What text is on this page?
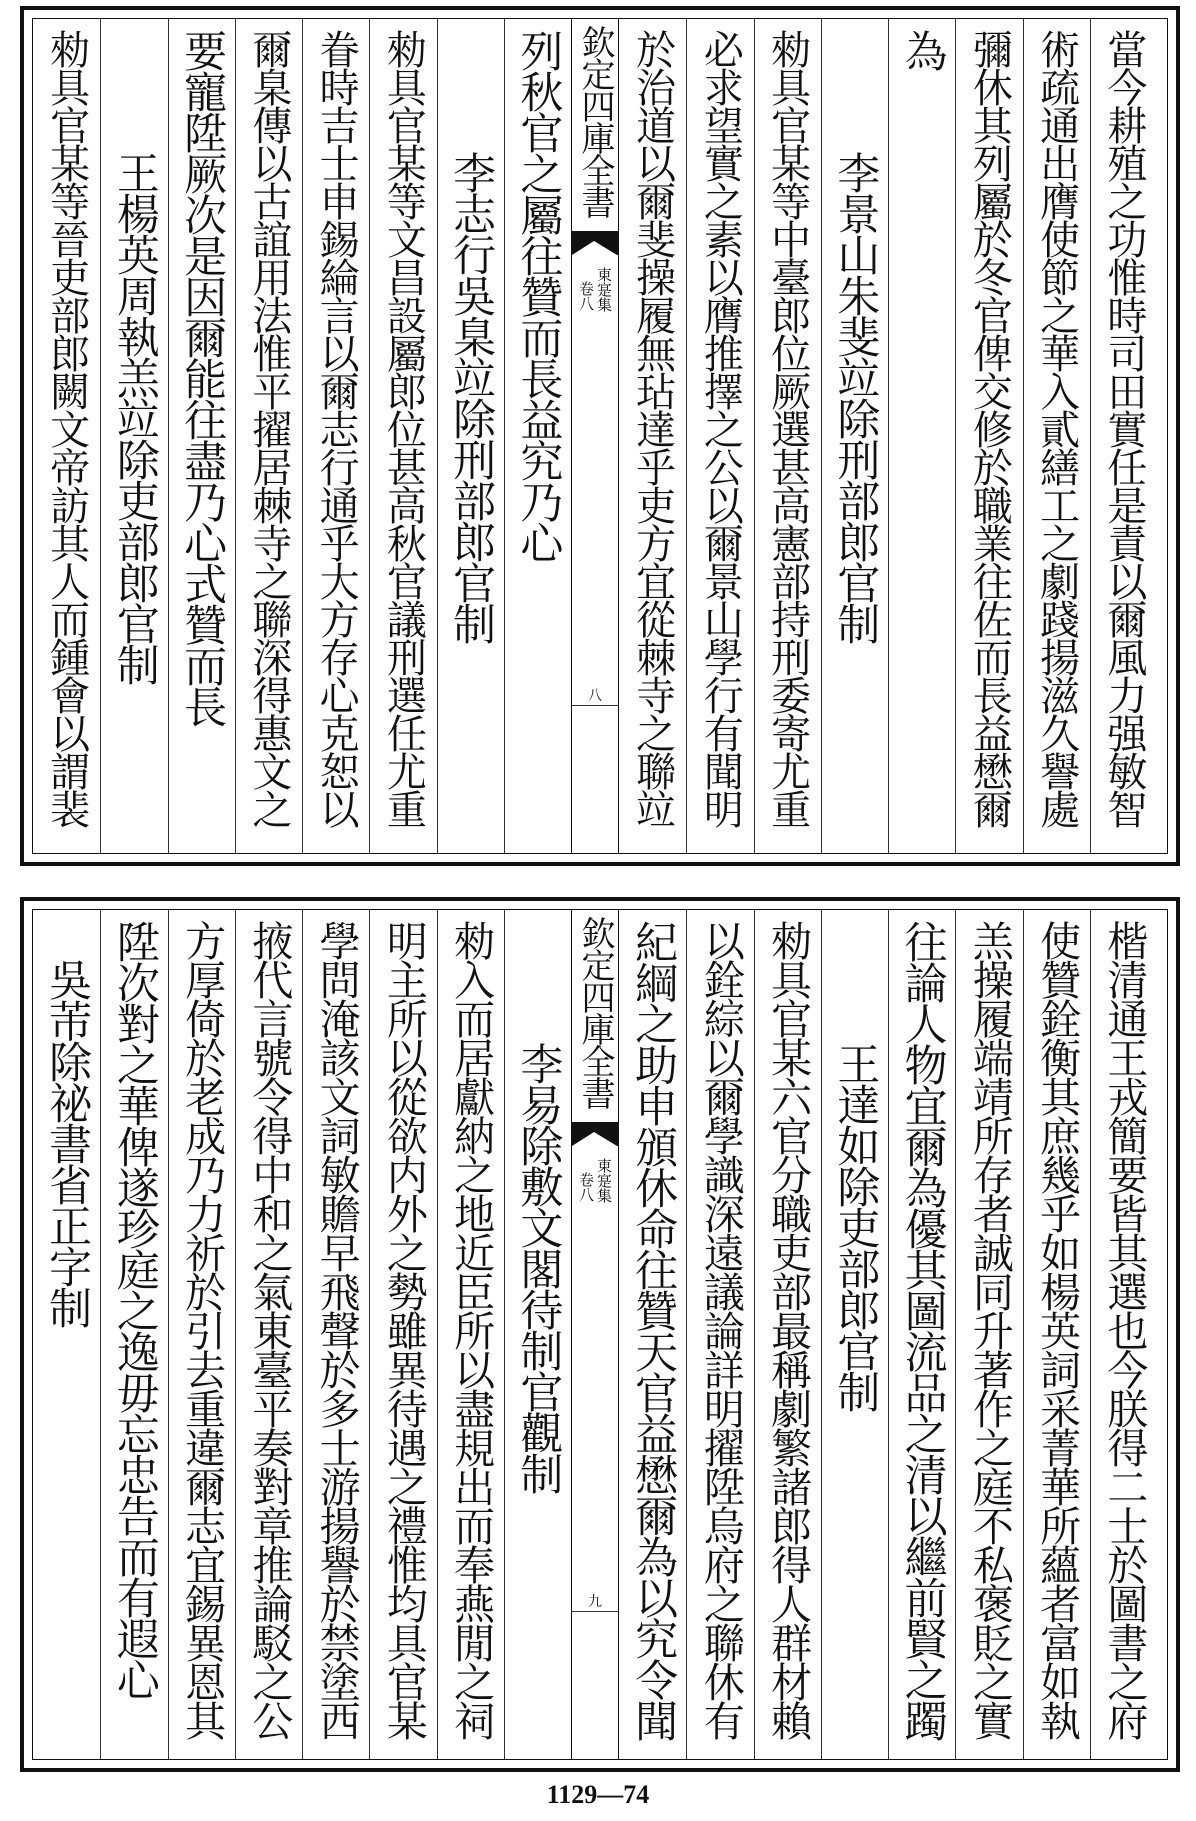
當今耕殖之功惟時司田實任是責以爾風力强敏智
術疏通出膺使節之華入貳繕工之劇踐揚滋久譽處
彌休其列屬於冬官俾交修於職業往佐而長益懋爾
為
李景山朱斐竝除刑部郎官制
勑具官某等中臺郎位厥選甚高憲部持刑委寄尤重
必求望實之素以膺推擇之公以爾景山學行有聞明
於治道以爾斐操履無玷達乎吏方宜從棘寺之聯竝
列秋官之屬往贊而長益究乃心
李志行吳臬竝除刑部郎官制
勑具官某等文昌設屬郎位甚高秋官議刑選任尤重
眷時吉士申錫綸言以爾志行通乎大方存心克恕以
爾臬傳以古誼用法惟平擢居棘寺之聯深得惠文之
要寵陞厥次是因爾能往盡乃心式贊而長
王楊英周執羔竝除吏部郎官制
勑具官某等晉吏部郎闕文帝訪其人而鍾會以謂裴	欽定四庫全書
東寔集
卷八
八
楷清通王戎簡要皆其選也今朕得二士於圖書之府
使贊銓衡其庶幾乎如楊英詞采菁華所蘊者富如執
羔操履端靖所存者誠同升著作之庭不私褒貶之實
往論人物宜爾為優其圖流品之清以繼前賢之躅
王達如除吏部郎官制
勑具官某六官分職吏部最稱劇繁諸郎得人群材賴
以銓綜以爾學識深遠議論詳明擢陞烏府之聯休有
紀綱之助申頒休命往贊天官益懋爾為以究令聞
李易除敷文閣待制官觀制
勑入而居獻納之地近臣所以盡規出而奉燕閒之祠
明主所以從欲内外之勢雖異待遇之禮惟均具官某
學問淹該文詞敏贍早飛聲於多士游揚譽於禁塗西
掖代言號令得中和之氣東臺平奏對章推論駁之公
方厚倚於老成乃力祈於引去重違爾志宜錫異恩其
陞次對之華俾遂珍庭之逸毋忘忠告而有遐心
吳芾除祕書省正字制	欽定四庫全書
東寔集
卷八
九
1129—74
